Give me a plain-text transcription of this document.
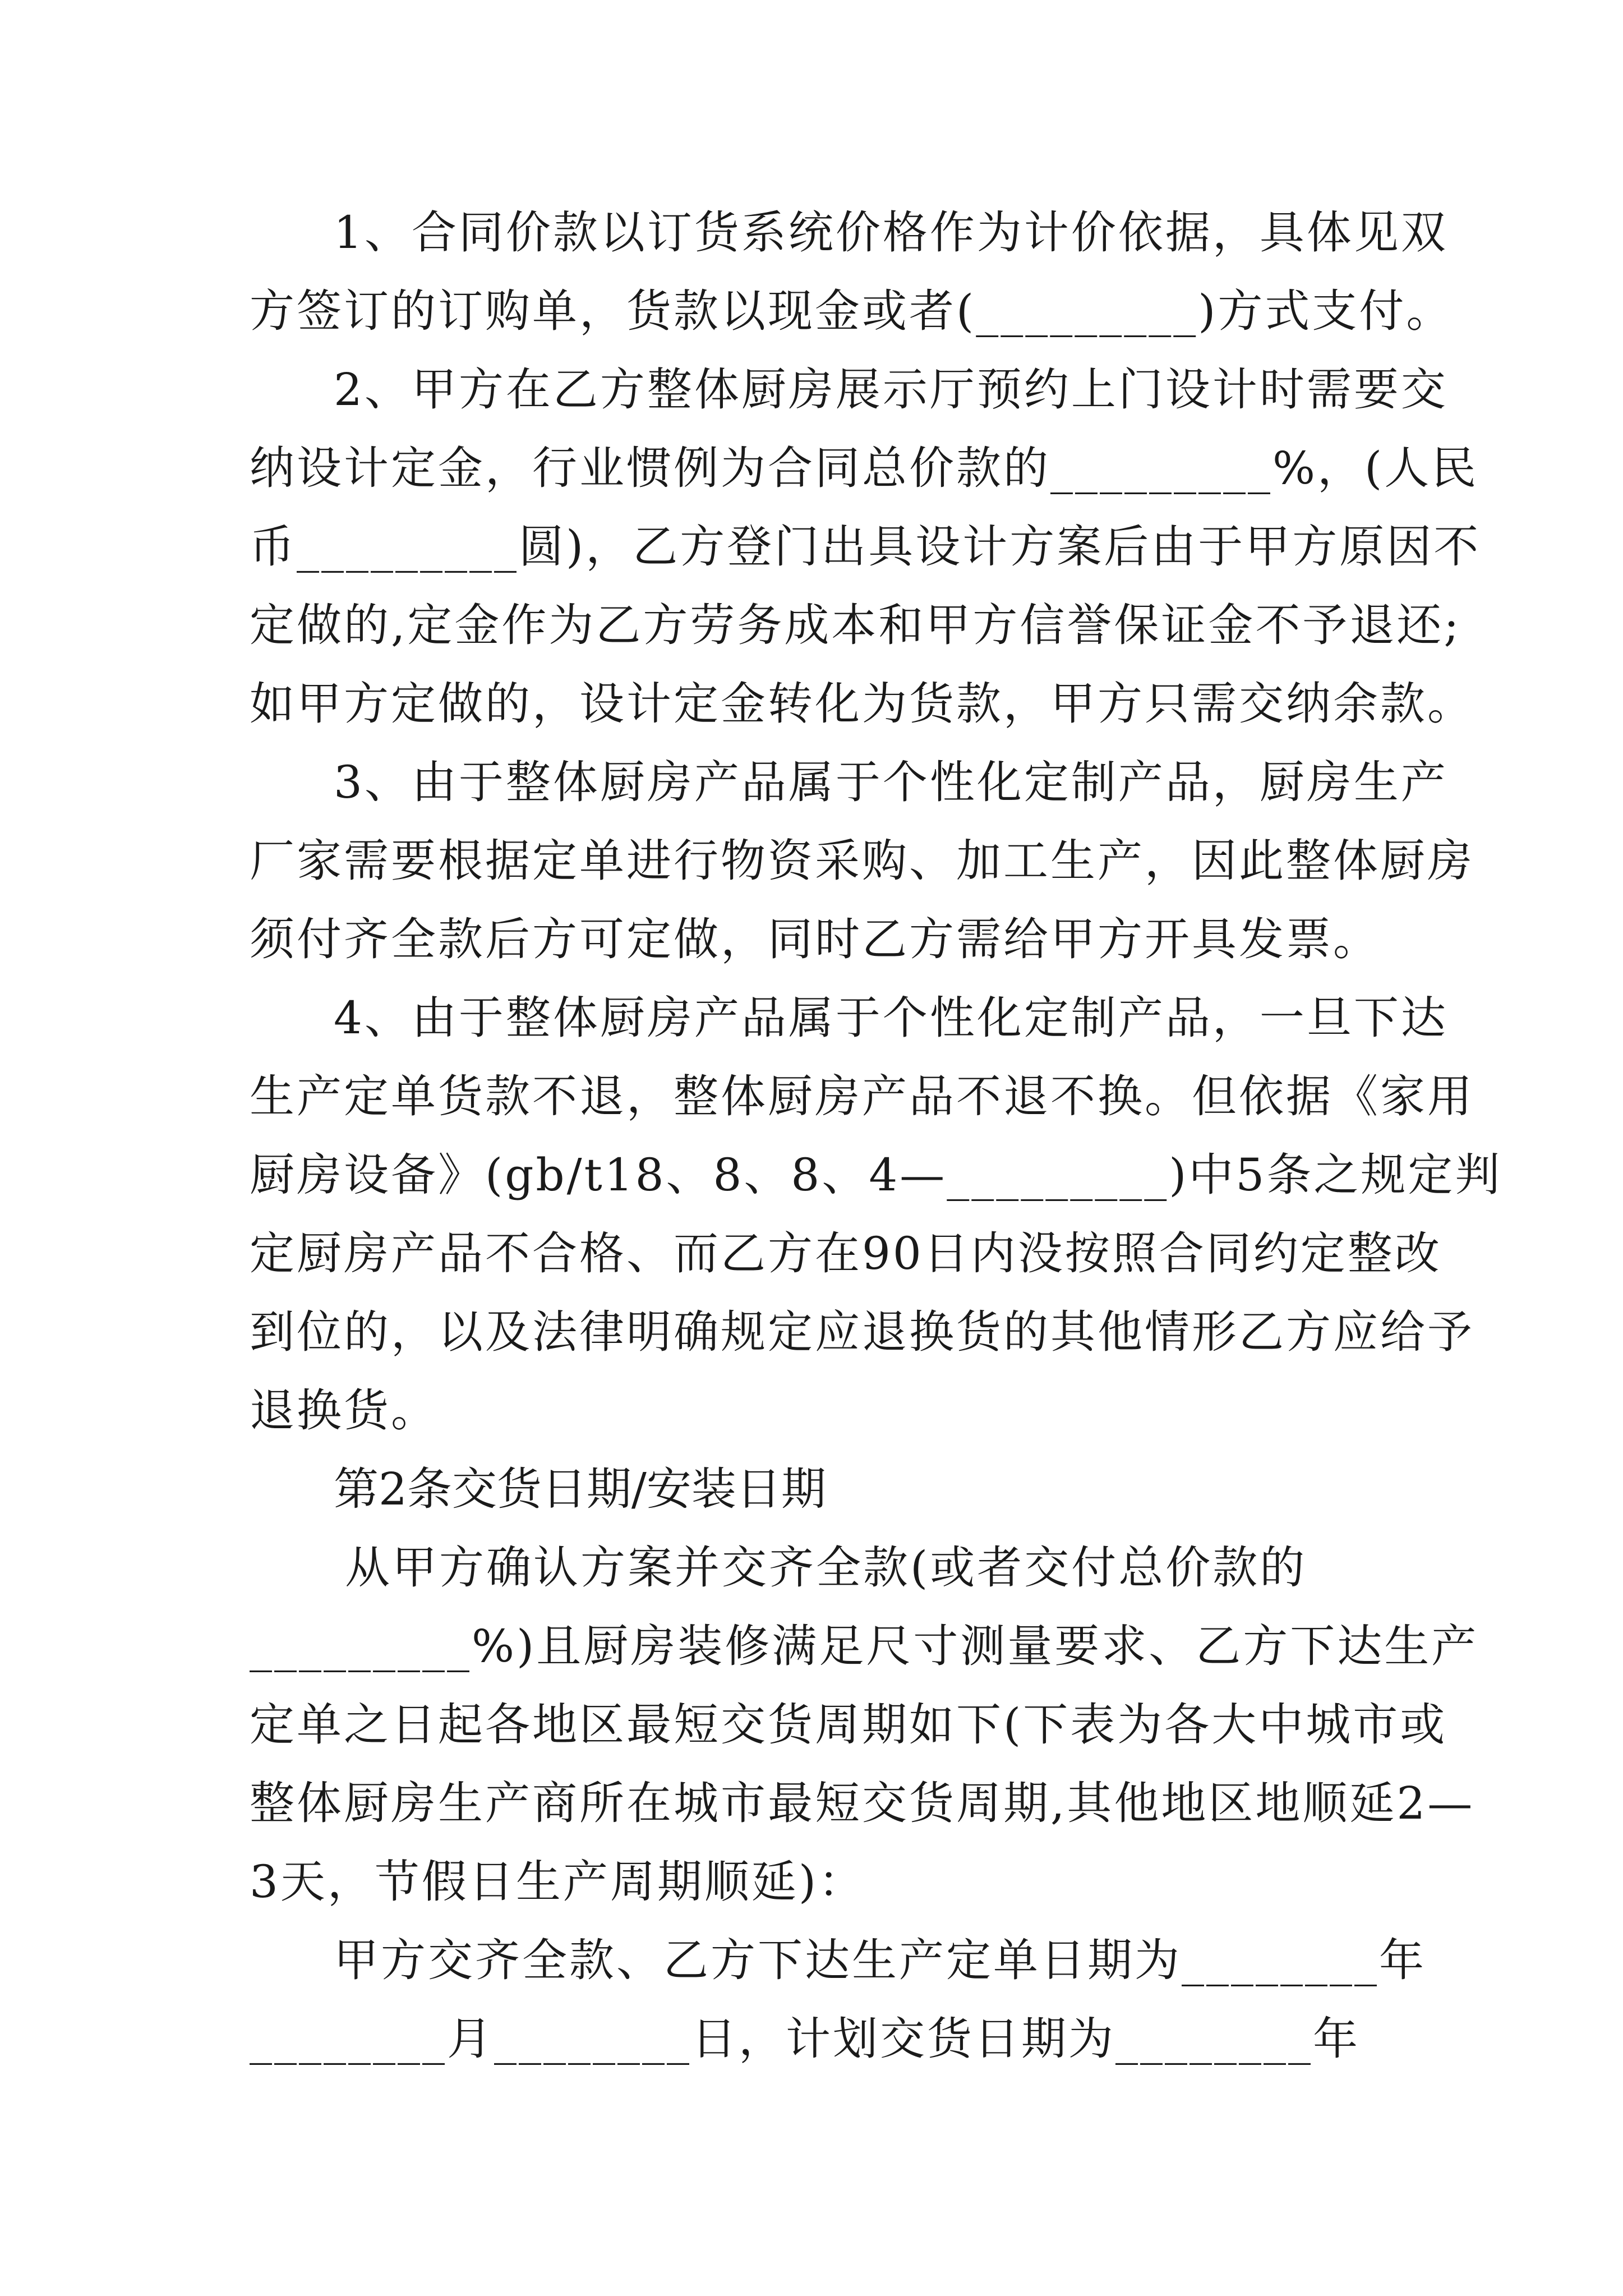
1、合同价款以订货系统价格作为计价依据，具体见双
方签订的订购单，货款以现金或者(_________)方式支付。
2、甲方在乙方整体厨房展示厅预约上门设计时需要交
纳设计定金，行业惯例为合同总价款的_________%，(人民
币_________圆)，乙方登门出具设计方案后由于甲方原因不
定做的,定金作为乙方劳务成本和甲方信誉保证金不予退还;
如甲方定做的，设计定金转化为货款，甲方只需交纳余款。
3、由于整体厨房产品属于个性化定制产品，厨房生产
厂家需要根据定单进行物资采购、加工生产，因此整体厨房
须付齐全款后方可定做，同时乙方需给甲方开具发票。
4、由于整体厨房产品属于个性化定制产品，一旦下达
生产定单货款不退，整体厨房产品不退不换。但依据《家用
厨房设备》(gb/t18、8、8、4—_________)中5条之规定判
定厨房产品不合格、而乙方在90日内没按照合同约定整改
到位的，以及法律明确规定应退换货的其他情形乙方应给予
退换货。
第2条交货日期/安装日期
从甲方确认方案并交齐全款(或者交付总价款的
_________%)且厨房装修满足尺寸测量要求、乙方下达生产
定单之日起各地区最短交货周期如下(下表为各大中城市或
整体厨房生产商所在城市最短交货周期,其他地区地顺延2—
3天，节假日生产周期顺延)：
甲方交齐全款、乙方下达生产定单日期为________年
________月________日，计划交货日期为________年
